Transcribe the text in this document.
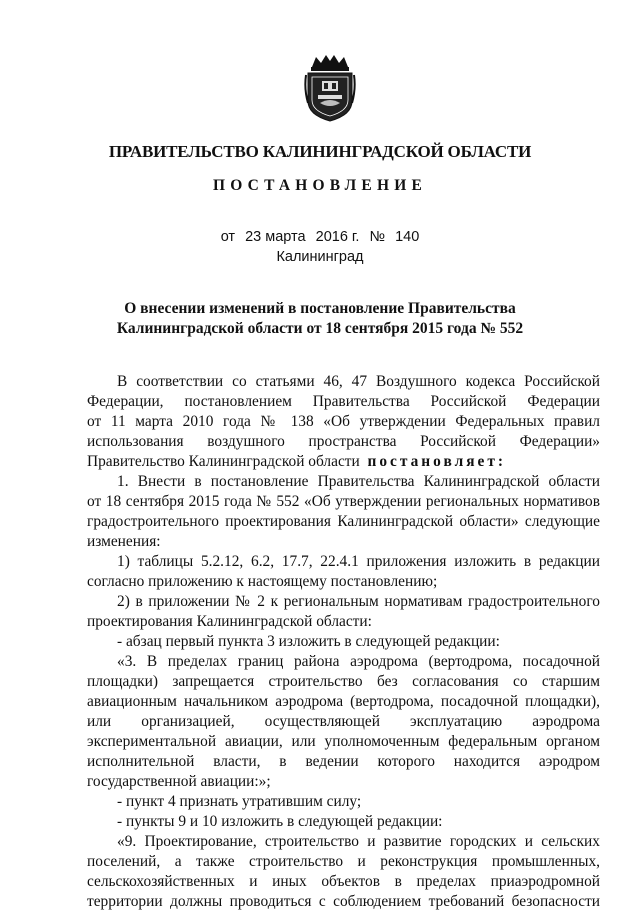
ПРАВИТЕЛЬСТВО КАЛИНИНГРАДСКОЙ ОБЛАСТИ
ПОСТАНОВЛЕНИЕ
от 23 марта 2016 г. № 140
Калининград
О внесении изменений в постановление Правительства
Калининградской области от 18 сентября 2015 года № 552
В соответствии со статьями 46, 47 Воздушного кодекса Российской
Федерации, постановлением Правительства Российской Федерации
от 11 марта 2010 года № 138 «Об утверждении Федеральных правил
использования воздушного пространства Российской Федерации»
Правительство Калининградской области постановляет:
1. Внести в постановление Правительства Калининградской области
от 18 сентября 2015 года № 552 «Об утверждении региональных нормативов
градостроительного проектирования Калининградской области» следующие
изменения:
1) таблицы 5.2.12, 6.2, 17.7, 22.4.1 приложения изложить в редакции
согласно приложению к настоящему постановлению;
2) в приложении № 2 к региональным нормативам градостроительного
проектирования Калининградской области:
- абзац первый пункта 3 изложить в следующей редакции:
«3. В пределах границ района аэродрома (вертодрома, посадочной
площадки) запрещается строительство без согласования со старшим
авиационным начальником аэродрома (вертодрома, посадочной площадки),
или организацией, осуществляющей эксплуатацию аэродрома
экспериментальной авиации, или уполномоченным федеральным органом
исполнительной власти, в ведении которого находится аэродром
государственной авиации:»;
- пункт 4 признать утратившим силу;
- пункты 9 и 10 изложить в следующей редакции:
«9. Проектирование, строительство и развитие городских и сельских
поселений, а также строительство и реконструкция промышленных,
сельскохозяйственных и иных объектов в пределах приаэродромной
территории должны проводиться с соблюдением требований безопасности
